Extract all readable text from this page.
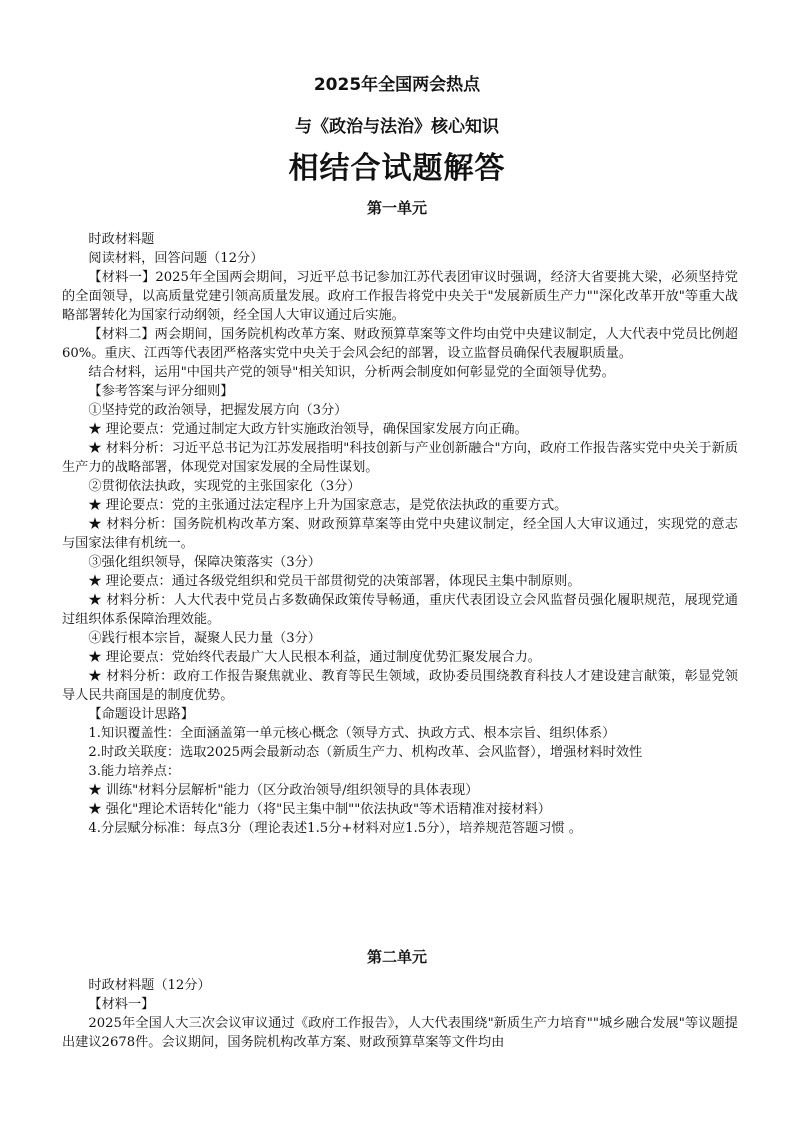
2025年全国两会热点
与《政治与法治》核心知识
相结合试题解答
第一单元

时政材料题

阅读材料，回答问题（12分）

【材料一】2025年全国两会期间，习近平总书记参加江苏代表团审议时强调，经济大省要挑大梁，必须坚持党的全面领导，以高质量党建引领高质量发展。政府工作报告将党中央关于"发展新质生产力""深化改革开放"等重大战略部署转化为国家行动纲领，经全国人大审议通过后实施。

【材料二】两会期间，国务院机构改革方案、财政预算草案等文件均由党中央建议制定，人大代表中党员比例超60%。重庆、江西等代表团严格落实党中央关于会风会纪的部署，设立监督员确保代表履职质量。

结合材料，运用"中国共产党的领导"相关知识，分析两会制度如何彰显党的全面领导优势。

【参考答案与评分细则】

①坚持党的政治领导，把握发展方向（3分）

★ 理论要点：党通过制定大政方针实施政治领导，确保国家发展方向正确。

★ 材料分析：习近平总书记为江苏发展指明"科技创新与产业创新融合"方向，政府工作报告落实党中央关于新质生产力的战略部署，体现党对国家发展的全局性谋划。

②贯彻依法执政，实现党的主张国家化（3分）

★ 理论要点：党的主张通过法定程序上升为国家意志，是党依法执政的重要方式。

★ 材料分析：国务院机构改革方案、财政预算草案等由党中央建议制定，经全国人大审议通过，实现党的意志与国家法律有机统一。

③强化组织领导，保障决策落实（3分）

★ 理论要点：通过各级党组织和党员干部贯彻党的决策部署，体现民主集中制原则。

★ 材料分析：人大代表中党员占多数确保政策传导畅通，重庆代表团设立会风监督员强化履职规范，展现党通过组织体系保障治理效能。

④践行根本宗旨，凝聚人民力量（3分）

★ 理论要点：党始终代表最广大人民根本利益，通过制度优势汇聚发展合力。

★ 材料分析：政府工作报告聚焦就业、教育等民生领域，政协委员围绕教育科技人才建设建言献策，彰显党领导人民共商国是的制度优势。

【命题设计思路】

1.知识覆盖性：全面涵盖第一单元核心概念（领导方式、执政方式、根本宗旨、组织体系）

2.时政关联度：选取2025两会最新动态（新质生产力、机构改革、会风监督），增强材料时效性

3.能力培养点：

★ 训练"材料分层解析"能力（区分政治领导/组织领导的具体表现）

★ 强化"理论术语转化"能力（将"民主集中制""依法执政"等术语精准对接材料）

4.分层赋分标准：每点3分（理论表述1.5分+材料对应1.5分），培养规范答题习惯 。

第二单元

时政材料题（12分）

【材料一】

2025年全国人大三次会议审议通过《政府工作报告》，人大代表围绕"新质生产力培育""城乡融合发展"等议题提出建议2678件。会议期间，国务院机构改革方案、财政预算草案等文件均由
